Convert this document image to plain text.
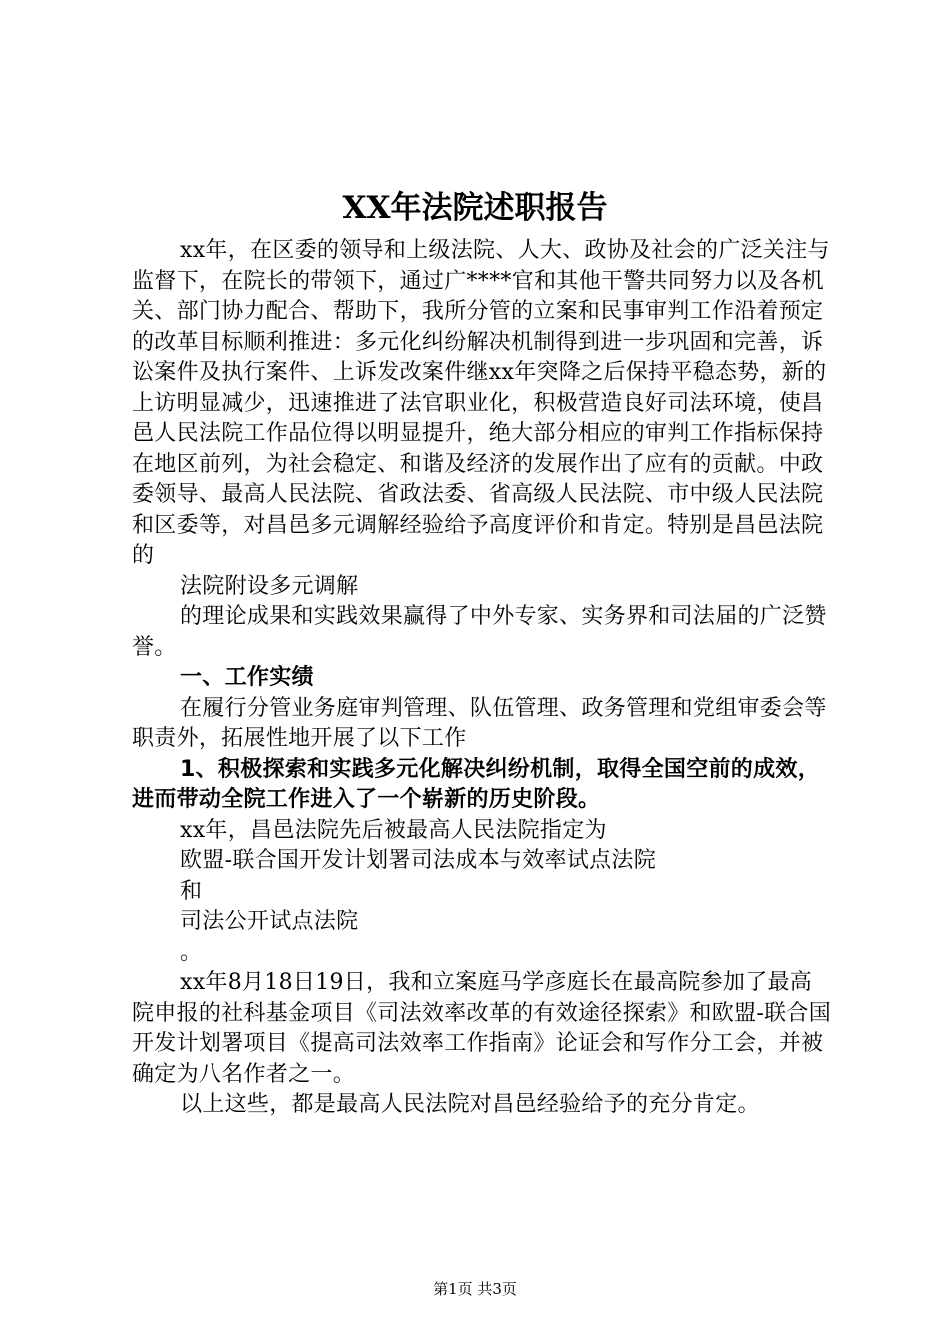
XX年法院述职报告

xx年，在区委的领导和上级法院、人大、政协及社会的广泛关注与监督下，在院长的带领下，通过广****官和其他干警共同努力以及各机关、部门协力配合、帮助下，我所分管的立案和民事审判工作沿着预定的改革目标顺利推进：多元化纠纷解决机制得到进一步巩固和完善，诉讼案件及执行案件、上诉发改案件继xx年突降之后保持平稳态势，新的上访明显减少，迅速推进了法官职业化，积极营造良好司法环境，使昌邑人民法院工作品位得以明显提升，绝大部分相应的审判工作指标保持在地区前列，为社会稳定、和谐及经济的发展作出了应有的贡献。中政委领导、最高人民法院、省政法委、省高级人民法院、市中级人民法院和区委等，对昌邑多元调解经验给予高度评价和肯定。特别是昌邑法院的

法院附设多元调解

的理论成果和实践效果赢得了中外专家、实务界和司法届的广泛赞誉。

一、工作实绩

在履行分管业务庭审判管理、队伍管理、政务管理和党组审委会等职责外，拓展性地开展了以下工作

1、积极探索和实践多元化解决纠纷机制，取得全国空前的成效，进而带动全院工作进入了一个崭新的历史阶段。

xx年，昌邑法院先后被最高人民法院指定为

欧盟-联合国开发计划署司法成本与效率试点法院

和

司法公开试点法院

。

xx年8月18日19日，我和立案庭马学彦庭长在最高院参加了最高院申报的社科基金项目《司法效率改革的有效途径探索》和欧盟-联合国开发计划署项目《提高司法效率工作指南》论证会和写作分工会，并被确定为八名作者之一。

以上这些，都是最高人民法院对昌邑经验给予的充分肯定。

第1页 共3页
